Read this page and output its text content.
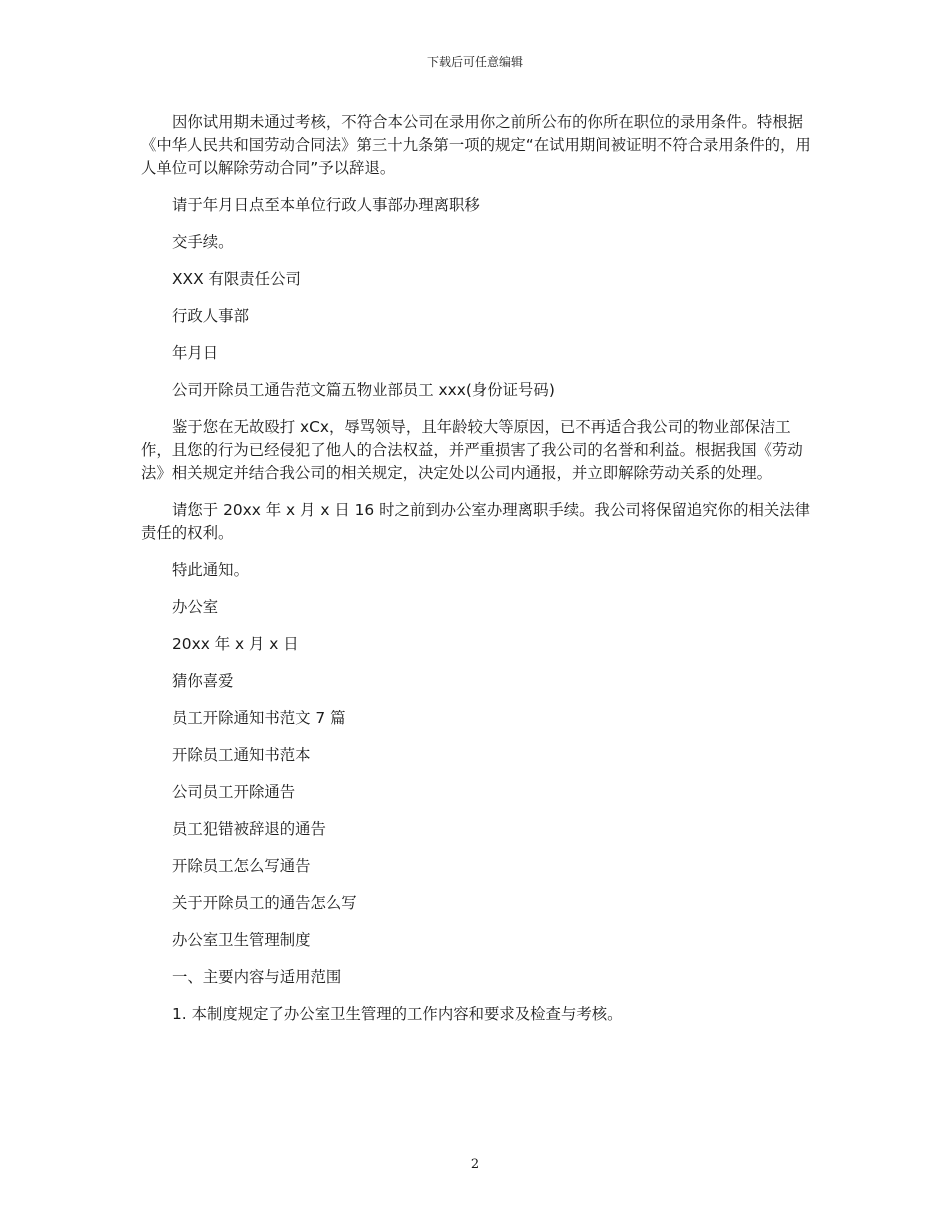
下载后可任意编辑

因你试用期未通过考核，不符合本公司在录用你之前所公布的你所在职位的录用条件。特根据《中华人民共和国劳动合同法》第三十九条第一项的规定“在试用期间被证明不符合录用条件的，用人单位可以解除劳动合同”予以辞退。

请于年月日点至本单位行政人事部办理离职移

交手续。

XXX 有限责任公司

行政人事部

年月日

公司开除员工通告范文篇五物业部员工 xxx(身份证号码)

鉴于您在无故殴打 xCx，辱骂领导，且年龄较大等原因，已不再适合我公司的物业部保洁工作，且您的行为已经侵犯了他人的合法权益，并严重损害了我公司的名誉和利益。根据我国《劳动法》相关规定并结合我公司的相关规定，决定处以公司内通报，并立即解除劳动关系的处理。

请您于 20xx 年 x 月 x 日 16 时之前到办公室办理离职手续。我公司将保留追究你的相关法律责任的权利。

特此通知。

办公室

20xx 年 x 月 x 日

猜你喜爱

员工开除通知书范文 7 篇

开除员工通知书范本

公司员工开除通告

员工犯错被辞退的通告

开除员工怎么写通告

关于开除员工的通告怎么写

办公室卫生管理制度

一、主要内容与适用范围

1. 本制度规定了办公室卫生管理的工作内容和要求及检查与考核。

2
